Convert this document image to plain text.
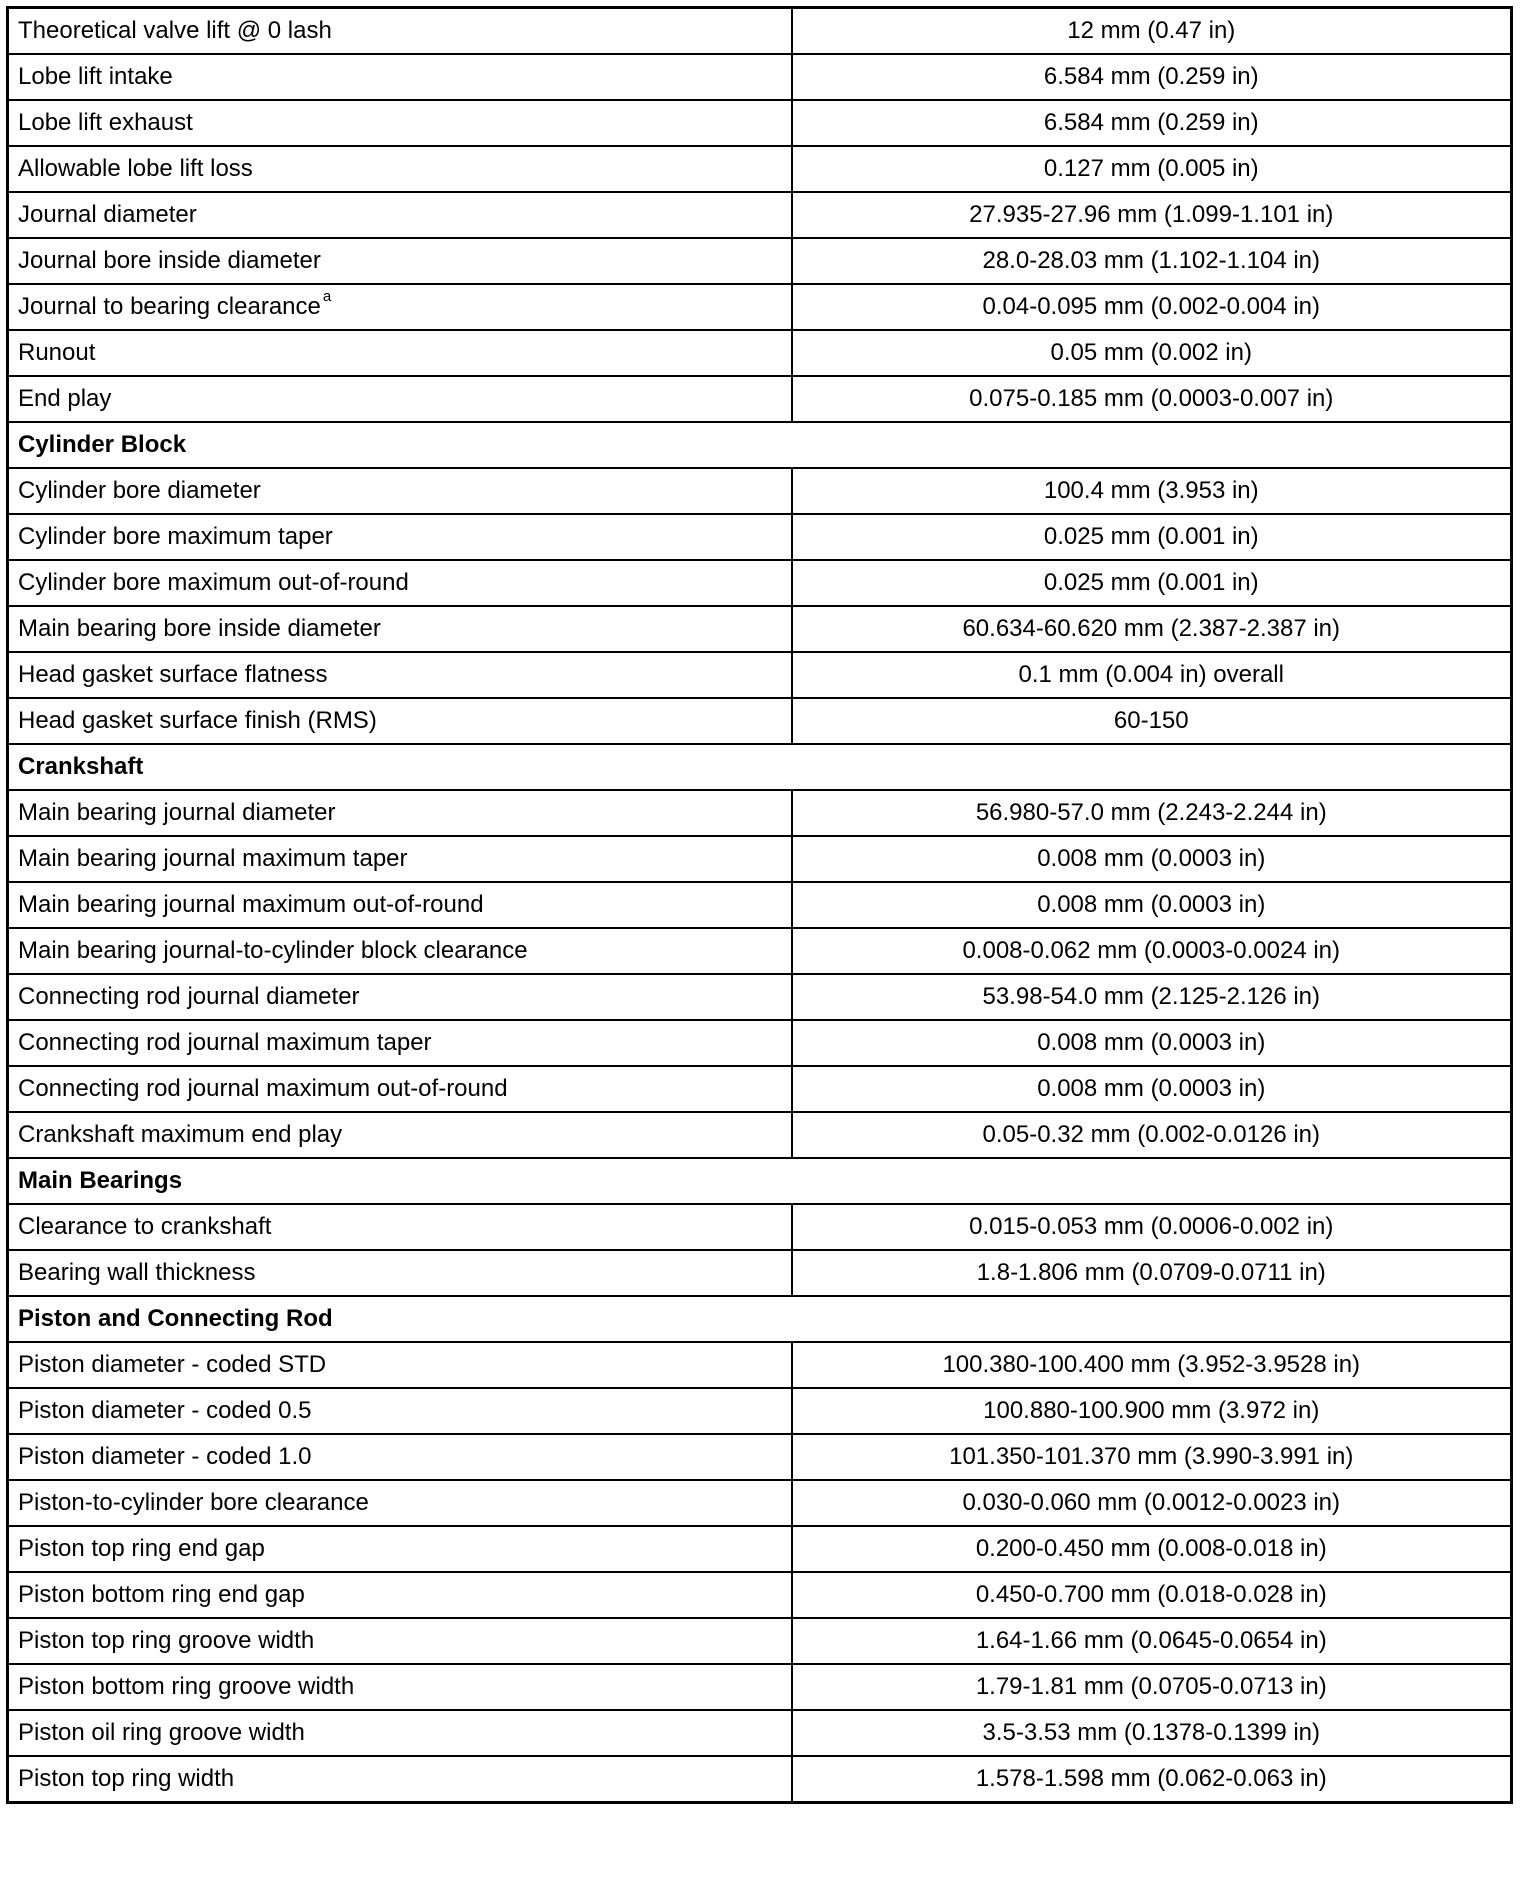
Theoretical valve lift @ 0 lash	12 mm (0.47 in)
Lobe lift intake	6.584 mm (0.259 in)
Lobe lift exhaust	6.584 mm (0.259 in)
Allowable lobe lift loss	0.127 mm (0.005 in)
Journal diameter	27.935-27.96 mm (1.099-1.101 in)
Journal bore inside diameter	28.0-28.03 mm (1.102-1.104 in)
Journal to bearing clearance $^a$	0.04-0.095 mm (0.002-0.004 in)
Runout	0.05 mm (0.002 in)
End play	0.075-0.185 mm (0.0003-0.007 in)
Cylinder Block	
Cylinder bore diameter	100.4 mm (3.953 in)
Cylinder bore maximum taper	0.025 mm (0.001 in)
Cylinder bore maximum out-of-round	0.025 mm (0.001 in)
Main bearing bore inside diameter	60.634-60.620 mm (2.387-2.387 in)
Head gasket surface flatness	0.1 mm (0.004 in) overall
Head gasket surface finish (RMS)	60-150
Crankshaft	
Main bearing journal diameter	56.980-57.0 mm (2.243-2.244 in)
Main bearing journal maximum taper	0.008 mm (0.0003 in)
Main bearing journal maximum out-of-round	0.008 mm (0.0003 in)
Main bearing journal-to-cylinder block clearance	0.008-0.062 mm (0.0003-0.0024 in)
Connecting rod journal diameter	53.98-54.0 mm (2.125-2.126 in)
Connecting rod journal maximum taper	0.008 mm (0.0003 in)
Connecting rod journal maximum out-of-round	0.008 mm (0.0003 in)
Crankshaft maximum end play	0.05-0.32 mm (0.002-0.0126 in)
Main Bearings	
Clearance to crankshaft	0.015-0.053 mm (0.0006-0.002 in)
Bearing wall thickness	1.8-1.806 mm (0.0709-0.0711 in)
Piston and Connecting Rod	
Piston diameter - coded STD	100.380-100.400 mm (3.952-3.9528 in)
Piston diameter - coded 0.5	100.880-100.900 mm (3.972 in)
Piston diameter - coded 1.0	101.350-101.370 mm (3.990-3.991 in)
Piston-to-cylinder bore clearance	0.030-0.060 mm (0.0012-0.0023 in)
Piston top ring end gap	0.200-0.450 mm (0.008-0.018 in)
Piston bottom ring end gap	0.450-0.700 mm (0.018-0.028 in)
Piston top ring groove width	1.64-1.66 mm (0.0645-0.0654 in)
Piston bottom ring groove width	1.79-1.81 mm (0.0705-0.0713 in)
Piston oil ring groove width	3.5-3.53 mm (0.1378-0.1399 in)
Piston top ring width	1.578-1.598 mm (0.062-0.063 in)
